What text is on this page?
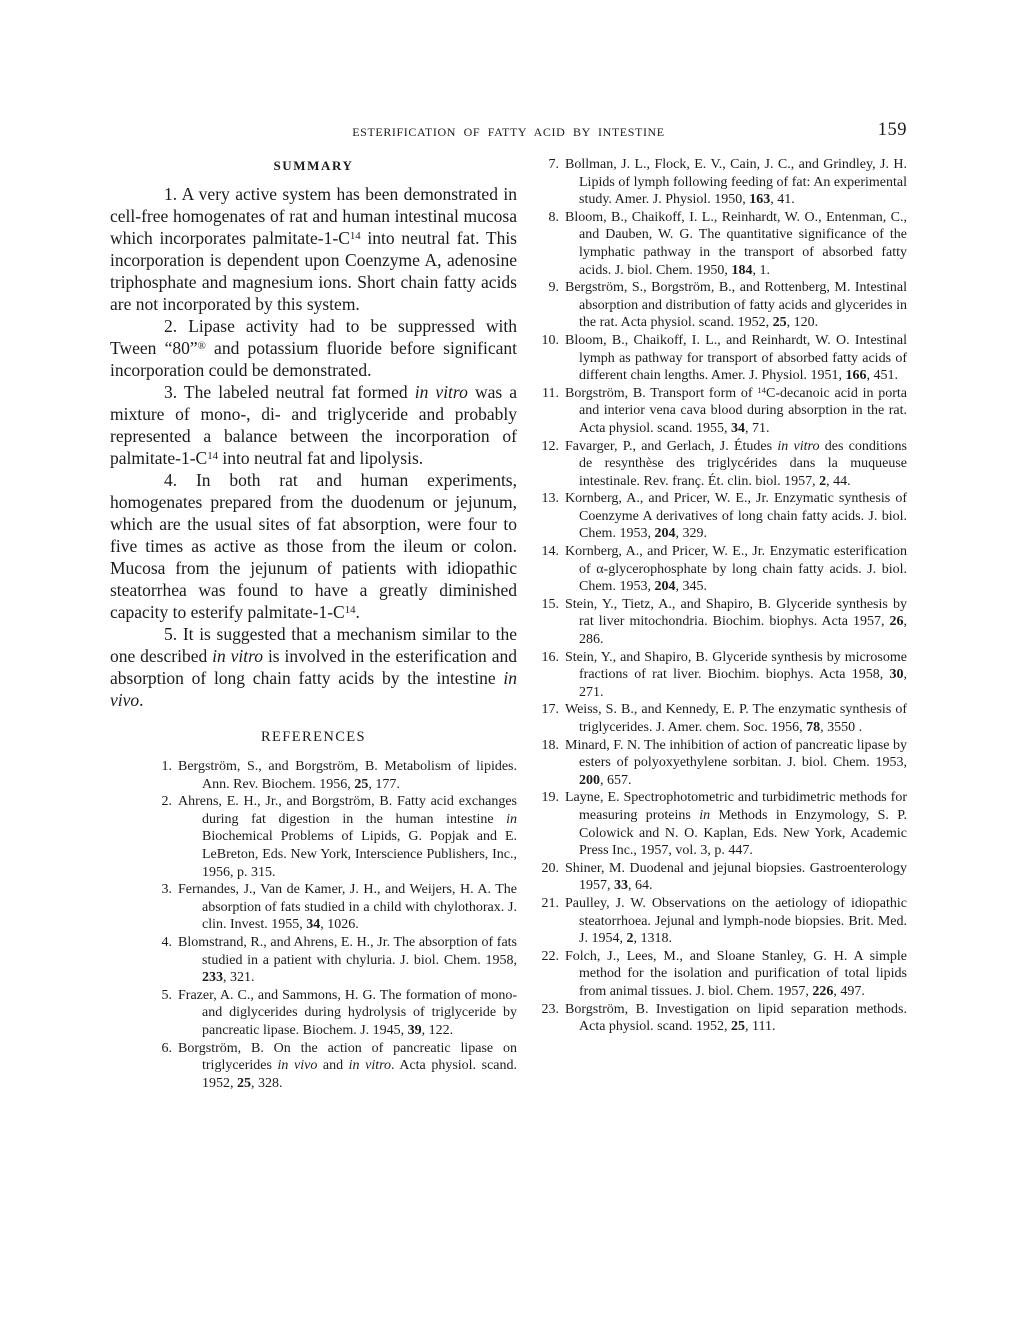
ESTERIFICATION OF FATTY ACID BY INTESTINE	159
SUMMARY

1. A very active system has been demonstrated in cell-free homogenates of rat and human intestinal mucosa which incorporates palmitate-$1-C^{14}$ into neutral fat. This incorporation is dependent upon Coenzyme A, adenosine triphosphate and magnesium ions. Short chain fatty acids are not incorporated by this system.

2. Lipase activity had to be suppressed with Tween “80”® and potassium fluoride before significant incorporation could be demonstrated.

3. The labeled neutral fat formed in vitro was a mixture of mono-, di- and triglyceride and probably represented a balance between the incorporation of palmitate-$1-C^{14}$ into neutral fat and lipolysis.

4. In both rat and human experiments, homogenates prepared from the duodenum or jejunum, which are the usual sites of fat absorption, were four to five times as active as those from the ileum or colon. Mucosa from the jejunum of patients with idiopathic steatorrhea was found to have a greatly diminished capacity to esterify palmitate-$1-C^{14}$.

5. It is suggested that a mechanism similar to the one described in vitro is involved in the esterification and absorption of long chain fatty acids by the intestine in vivo.

REFERENCES
1. Bergström, S., and Borgström, B. Metabolism of lipides. Ann. Rev. Biochem. 1956, 25, 177.
2. Ahrens, E. H., Jr., and Borgström, B. Fatty acid exchanges during fat digestion in the human intestine in Biochemical Problems of Lipids, G. Popjak and E. LeBreton, Eds. New York, Interscience Publishers, Inc., 1956, p. 315.
3. Fernandes, J., Van de Kamer, J. H., and Weijers, H. A. The absorption of fats studied in a child with chylothorax. J. clin. Invest. 1955, 34, 1026.
4. Blomstrand, R., and Ahrens, E. H., Jr. The absorption of fats studied in a patient with chyluria. J. biol. Chem. 1958, 233, 321.
5. Frazer, A. C., and Sammons, H. G. The formation of mono- and diglycerides during hydrolysis of triglyceride by pancreatic lipase. Biochem. J. 1945, 39, 122.
6. Borgström, B. On the action of pancreatic lipase on triglycerides in vivo and in vitro. Acta physiol. scand. 1952, 25, 328.
7. Bollman, J. L., Flock, E. V., Cain, J. C., and Grindley, J. H. Lipids of lymph following feeding of fat: An experimental study. Amer. J. Physiol. 1950, 163, 41.
8. Bloom, B., Chaikoff, I. L., Reinhardt, W. O., Entenman, C., and Dauben, W. G. The quantitative significance of the lymphatic pathway in the transport of absorbed fatty acids. J. biol. Chem. 1950, 184, 1.
9. Bergström, S., Borgström, B., and Rottenberg, M. Intestinal absorption and distribution of fatty acids and glycerides in the rat. Acta physiol. scand. 1952, 25, 120.
10. Bloom, B., Chaikoff, I. L., and Reinhardt, W. O. Intestinal lymph as pathway for transport of absorbed fatty acids of different chain lengths. Amer. J. Physiol. 1951, 166, 451.
11. Borgström, B. Transport form of $^{14}$C-decanoic acid in porta and interior vena cava blood during absorption in the rat. Acta physiol. scand. 1955, 34, 71.
12. Favarger, P., and Gerlach, J. Études in vitro des conditions de resynthèse des triglycérides dans la muqueuse intestinale. Rev. franç. Ét. clin. biol. 1957, 2, 44.
13. Kornberg, A., and Pricer, W. E., Jr. Enzymatic synthesis of Coenzyme A derivatives of long chain fatty acids. J. biol. Chem. 1953, 204, 329.
14. Kornberg, A., and Pricer, W. E., Jr. Enzymatic esterification of α-glycerophosphate by long chain fatty acids. J. biol. Chem. 1953, 204, 345.
15. Stein, Y., Tietz, A., and Shapiro, B. Glyceride synthesis by rat liver mitochondria. Biochim. biophys. Acta 1957, 26, 286.
16. Stein, Y., and Shapiro, B. Glyceride synthesis by microsome fractions of rat liver. Biochim. biophys. Acta 1958, 30, 271.
17. Weiss, S. B., and Kennedy, E. P. The enzymatic synthesis of triglycerides. J. Amer. chem. Soc. 1956, 78, 3550 .
18. Minard, F. N. The inhibition of action of pancreatic lipase by esters of polyoxyethylene sorbitan. J. biol. Chem. 1953, 200, 657.
19. Layne, E. Spectrophotometric and turbidimetric methods for measuring proteins in Methods in Enzymology, S. P. Colowick and N. O. Kaplan, Eds. New York, Academic Press Inc., 1957, vol. 3, p. 447.
20. Shiner, M. Duodenal and jejunal biopsies. Gastroenterology 1957, 33, 64.
21. Paulley, J. W. Observations on the aetiology of idiopathic steatorrhoea. Jejunal and lymph-node biopsies. Brit. Med. J. 1954, 2, 1318.
22. Folch, J., Lees, M., and Sloane Stanley, G. H. A simple method for the isolation and purification of total lipids from animal tissues. J. biol. Chem. 1957, 226, 497.
23. Borgström, B. Investigation on lipid separation methods. Acta physiol. scand. 1952, 25, 111.
